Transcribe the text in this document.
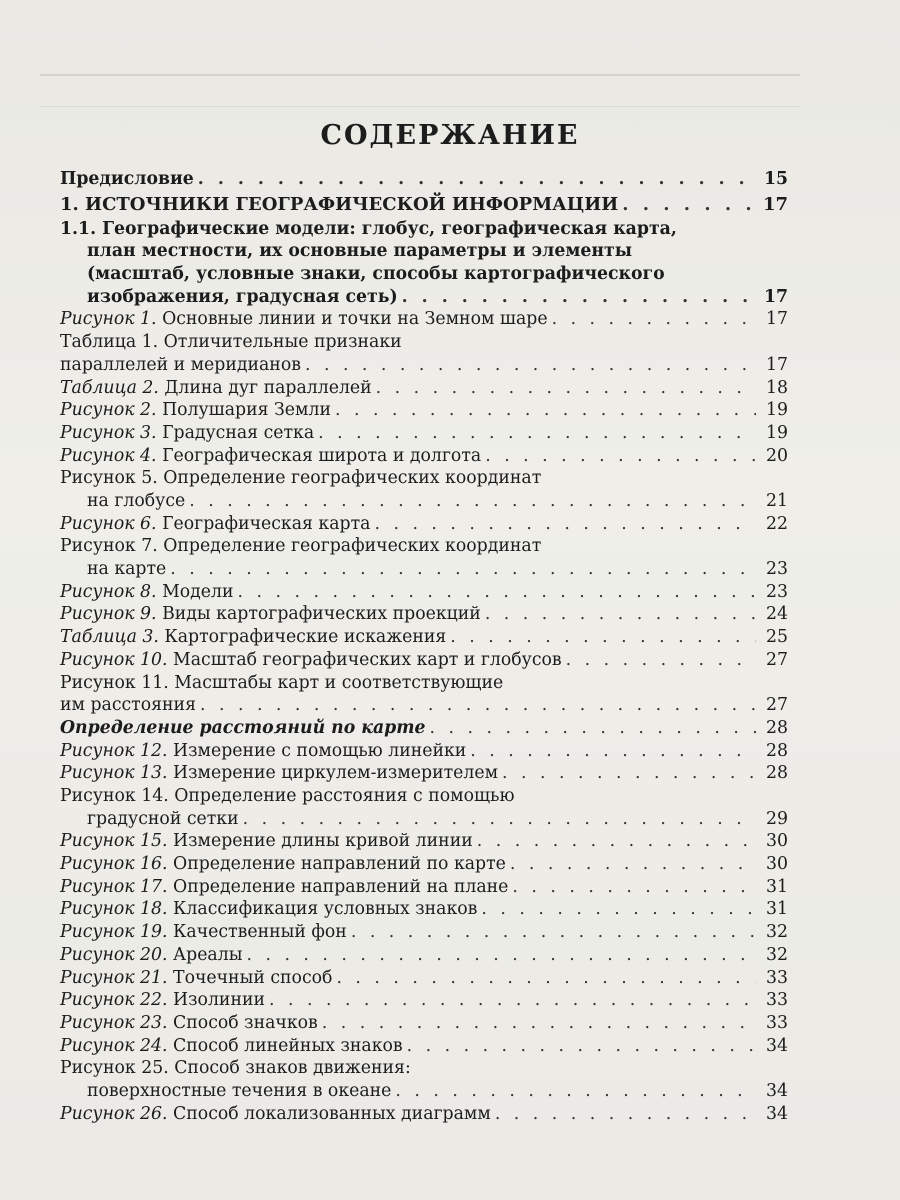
СОДЕРЖАНИЕ
Предисловие . . .	15
1. ИСТОЧНИКИ ГЕОГРАФИЧЕСКОЙ ИНФОРМАЦИИ . . .	17
1.1. Географические модели: глобус, географическая карта,
план местности, их основные параметры и элементы
(масштаб, условные знаки, способы картографического
изображения, градусная сеть) . . .	17
Рисунок 1. Основные линии и точки на Земном шаре . . .	17
Таблица 1. Отличительные признаки
параллелей и меридианов . . .	17
Таблица 2. Длина дуг параллелей . . .	18
Рисунок 2. Полушария Земли . . .	19
Рисунок 3. Градусная сетка . . .	19
Рисунок 4. Географическая широта и долгота . . .	20
Рисунок 5. Определение географических координат
на глобусе . . .	21
Рисунок 6. Географическая карта . . .	22
Рисунок 7. Определение географических координат
на карте . . .	23
Рисунок 8. Модели . . .	23
Рисунок 9. Виды картографических проекций . . .	24
Таблица 3. Картографические искажения . . .	25
Рисунок 10. Масштаб географических карт и глобусов . . .	27
Рисунок 11. Масштабы карт и соответствующие
им расстояния . . .	27
Определение расстояний по карте . . .	28
Рисунок 12. Измерение с помощью линейки . . .	28
Рисунок 13. Измерение циркулем-измерителем . . .	28
Рисунок 14. Определение расстояния с помощью
градусной сетки . . .	29
Рисунок 15. Измерение длины кривой линии . . .	30
Рисунок 16. Определение направлений по карте . . .	30
Рисунок 17. Определение направлений на плане . . .	31
Рисунок 18. Классификация условных знаков . . .	31
Рисунок 19. Качественный фон . . .	32
Рисунок 20. Ареалы . . .	32
Рисунок 21. Точечный способ . . .	33
Рисунок 22. Изолинии . . .	33
Рисунок 23. Способ значков . . .	33
Рисунок 24. Способ линейных знаков . . .	34
Рисунок 25. Способ знаков движения:
поверхностные течения в океане . . .	34
Рисунок 26. Способ локализованных диаграмм . . .	34
